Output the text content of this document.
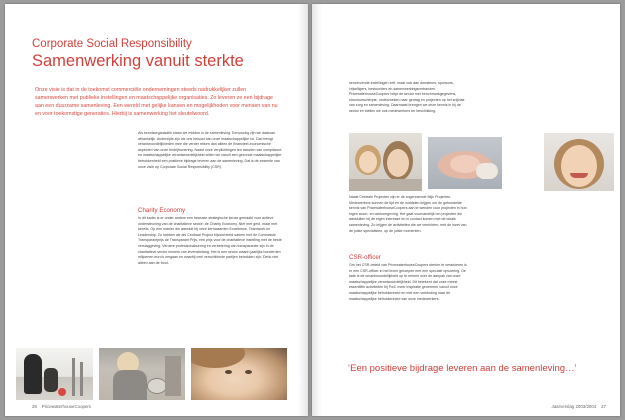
Corporate Social Responsibility
Samenwerking vanuit sterkte

Onze visie is dat in de toekomst commerciële ondernemingen steeds nadrukkelijker zullen samenwerken met publieke instellingen en maatschappelijke organisaties. Zo leveren ze een bijdrage aan een duurzame samenleving. Een wereld met gelijke kansen en mogelijkheden voor mensen van nu en voor toekomstige generaties. Hierbij is samenwerking het sleutelwoord.

Als kennisorganisatie staan we midden in de samenleving. Eenvoudig zijn we daarvan afhankelijk. Anderzijds zijn we ons bewust van onze maatschappelijke rol. Dat brengt verantwoordelijkheden mee die verder reiken dan alleen de financieel-economische aspecten van onze bedrijfsvoering. Naast onze verplichtingen ten aanzien van compliance en maatschappelijke verantwoordelijkheid willen we vanuit een gezonde maatschappelijke betrokkenheid een positieve bijdrage leveren aan de samenleving. Dat is de essentie van onze visie op Corporate Social Responsibility (CSR).

Charity Economy

In dit kader is er onder andere een bewuste strategische keuze gemaakt voor actieve ondersteuning van de charitatieve sector: de Charity Economy. Niet met geld, maar met kennis. Op een manier die aansluit bij onze kernwaarden Excellence, Teamwork en Leadership. Zo hebben we als Centraal Project bijvoorbeeld samen met de Commissie Transparantprijs de Transparant Prijs, een prijs voor de charitatieve instelling met de beste verslaggeving. Verdere professionalisering en verbetering van transparantie zijn in de charitatieve sector immers van levensbelang. Het is een sector waarin jaarlijks honderden miljoenen euro's omgaan en waarbij veel verschillende partijen betrokken zijn. Denk niet alleen aan de fond-

26 PricewaterhouseCoopers

senvervende instellingen zelf, maar ook aan donateurs, sponsors, vrijwilligers, bestuurders en samenwerkingsverbanden. PricewaterhouseCoopers helpt de sector met benchmarkgegevens, structuurscherpte, onderzoeken naar gedrag en projecten op het snijvlak van zorg en samenleving. Daarnaast brengen we onze kennis in bij de sector en stellen we ook medewerkers ter beschikking.

Naast Centrale Projecten zijn er de zogenoemde Mijn Projecten. Medewerkers kunnen de tijd en de middelen krijgen om de gebundelde kennis van PricewaterhouseCoopers aan te wenden voor projecten in hun eigen woon- en werkomgeving. Het gaat voornamelijk om projecten die aansluiten bij de eigen interesse en in contact komen met de lokale samenleving. Zo krijgen de activiteiten die we verrichten, met de inzet van de juiste specialisten, op de juiste momenten.

CSR-officer

Om het CSR-beleid van PricewaterhouseCoopers sterker te verankeren is er een CSR-officer in het leven geroepen met een speciale opvoering. De taak is de verantwoordelijkheid op te nemen over de aanpak van onze maatschappelijke verantwoordelijkheid. Dit betekent dat onze meest essentiële activiteiten bij PwC meer inspiratie genereren vanuit onze maatschappelijke betrokkenheid en met een verbinding naar de maatschappelijke betrokkenheid van onze medewerkers.

‘Een positieve bijdrage leveren aan de samenleving…’

Jaarverslag 2003/2004 27
